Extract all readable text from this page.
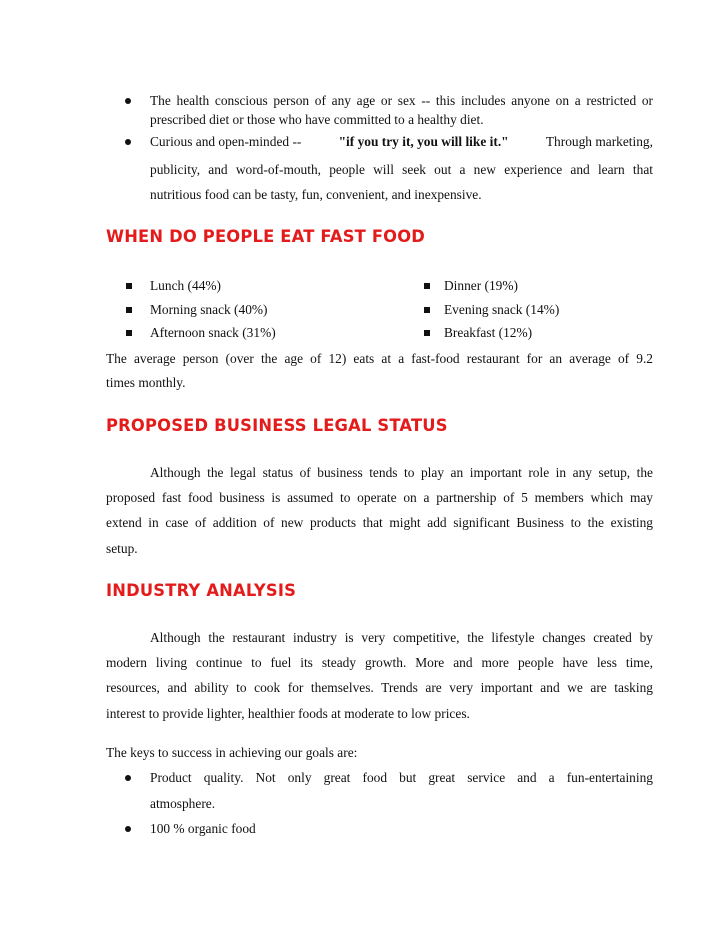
The health conscious person of any age or sex -- this includes anyone on a restricted or
prescribed diet or those who have committed to a healthy diet.
Curious and open-minded --	"if you try it, you will like it."	Through marketing,
publicity, and word-of-mouth, people will seek out a new experience and learn that
nutritious food can be tasty, fun, convenient, and inexpensive.
WHEN DO PEOPLE EAT FAST FOOD
Lunch (44%)
Morning snack (40%)
Afternoon snack (31%)
Dinner (19%)
Evening snack (14%)
Breakfast (12%)
The average person (over the age of 12) eats at a fast-food restaurant for an average of 9.2
times monthly.
PROPOSED BUSINESS LEGAL STATUS
Although the legal status of business tends to play an important role in any setup, the
proposed fast food business is assumed to operate on a partnership of 5 members which may
extend in case of addition of new products that might add significant Business to the existing
setup.
INDUSTRY ANALYSIS
Although the restaurant industry is very competitive, the lifestyle changes created by
modern living continue to fuel its steady growth. More and more people have less time,
resources, and ability to cook for themselves. Trends are very important and we are tasking
interest to provide lighter, healthier foods at moderate to low prices.
The keys to success in achieving our goals are:
Product quality. Not only great food but great service and a fun-entertaining
atmosphere.
100 % organic food
